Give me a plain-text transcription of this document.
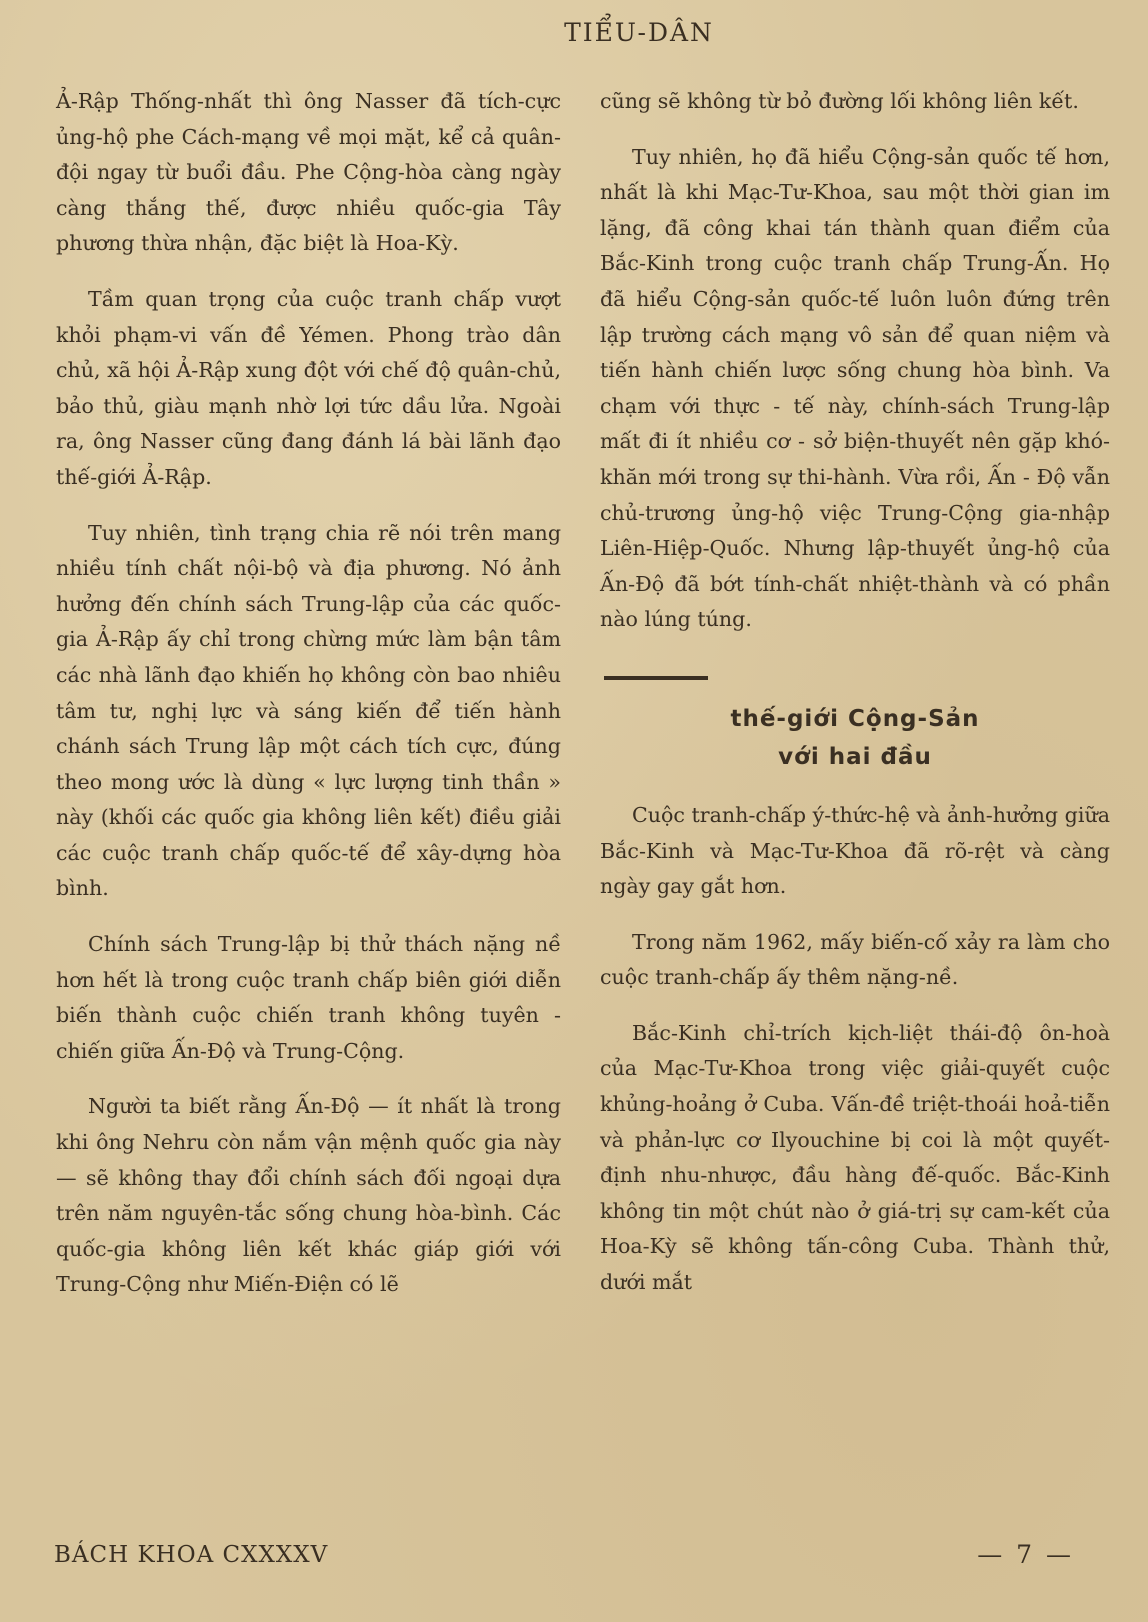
TIỂU-DÂN

Ả-Rập Thống-nhất thì ông Nasser đã tích-cực ủng-hộ phe Cách-mạng về mọi mặt, kể cả quân-đội ngay từ buổi đầu. Phe Cộng-hòa càng ngày càng thắng thế, được nhiều quốc-gia Tây phương thừa nhận, đặc biệt là Hoa-Kỳ.

Tầm quan trọng của cuộc tranh chấp vượt khỏi phạm-vi vấn đề Yémen. Phong trào dân chủ, xã hội Ả-Rập xung đột với chế độ quân-chủ, bảo thủ, giàu mạnh nhờ lợi tức dầu lửa. Ngoài ra, ông Nasser cũng đang đánh lá bài lãnh đạo thế-giới Ả-Rập.

Tuy nhiên, tình trạng chia rẽ nói trên mang nhiều tính chất nội-bộ và địa phương. Nó ảnh hưởng đến chính sách Trung-lập của các quốc-gia Ả-Rập ấy chỉ trong chừng mức làm bận tâm các nhà lãnh đạo khiến họ không còn bao nhiêu tâm tư, nghị lực và sáng kiến để tiến hành chánh sách Trung lập một cách tích cực, đúng theo mong ước là dùng « lực lượng tinh thần » này (khối các quốc gia không liên kết) điều giải các cuộc tranh chấp quốc-tế để xây-dựng hòa bình.

Chính sách Trung-lập bị thử thách nặng nề hơn hết là trong cuộc tranh chấp biên giới diễn biến thành cuộc chiến tranh không tuyên - chiến giữa Ấn-Độ và Trung-Cộng.

Người ta biết rằng Ấn-Độ — ít nhất là trong khi ông Nehru còn nắm vận mệnh quốc gia này — sẽ không thay đổi chính sách đối ngoại dựa trên năm nguyên-tắc sống chung hòa-bình. Các quốc-gia không liên kết khác giáp giới với Trung-Cộng như Miến-Điện có lẽ

cũng sẽ không từ bỏ đường lối không liên kết.

Tuy nhiên, họ đã hiểu Cộng-sản quốc tế hơn, nhất là khi Mạc-Tư-Khoa, sau một thời gian im lặng, đã công khai tán thành quan điểm của Bắc-Kinh trong cuộc tranh chấp Trung-Ấn. Họ đã hiểu Cộng-sản quốc-tế luôn luôn đứng trên lập trường cách mạng vô sản để quan niệm và tiến hành chiến lược sống chung hòa bình. Va chạm với thực - tế này, chính-sách Trung-lập mất đi ít nhiều cơ - sở biện-thuyết nên gặp khó-khăn mới trong sự thi-hành. Vừa rồi, Ấn - Độ vẫn chủ-trương ủng-hộ việc Trung-Cộng gia-nhập Liên-Hiệp-Quốc. Nhưng lập-thuyết ủng-hộ của Ấn-Độ đã bớt tính-chất nhiệt-thành và có phần nào lúng túng.

thế-giới Cộng-Sản
với hai đầu

Cuộc tranh-chấp ý-thức-hệ và ảnh-hưởng giữa Bắc-Kinh và Mạc-Tư-Khoa đã rõ-rệt và càng ngày gay gắt hơn.

Trong năm 1962, mấy biến-cố xảy ra làm cho cuộc tranh-chấp ấy thêm nặng-nề.

Bắc-Kinh chỉ-trích kịch-liệt thái-độ ôn-hoà của Mạc-Tư-Khoa trong việc giải-quyết cuộc khủng-hoảng ở Cuba. Vấn-đề triệt-thoái hoả-tiễn và phản-lực cơ Ilyouchine bị coi là một quyết-định nhu-nhược, đầu hàng đế-quốc. Bắc-Kinh không tin một chút nào ở giá-trị sự cam-kết của Hoa-Kỳ sẽ không tấn-công Cuba. Thành thử, dưới mắt

BÁCH KHOA CXXXXV	— 7 —
